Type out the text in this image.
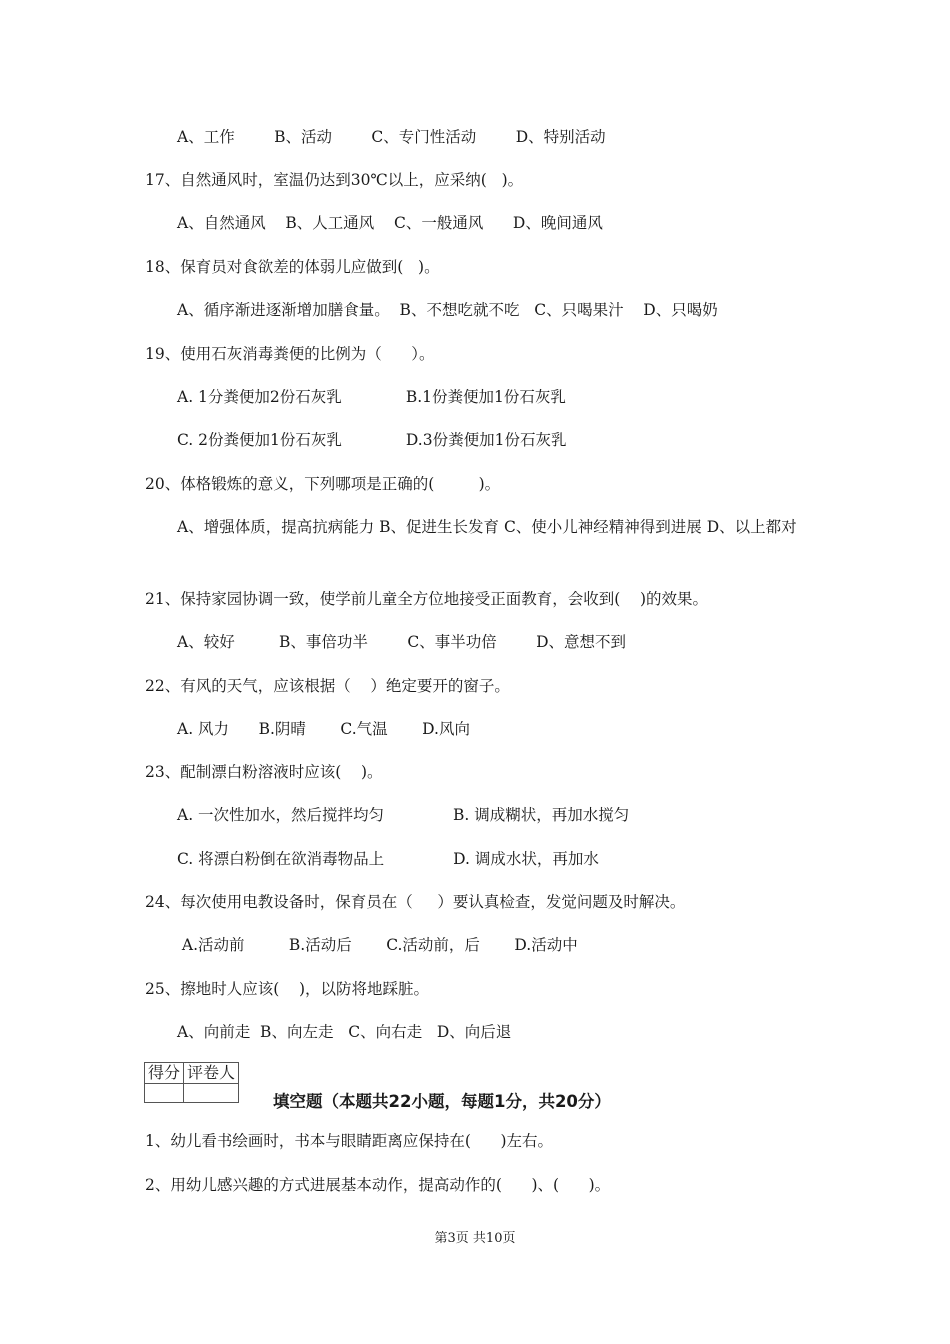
A、工作        B、活动        C、专门性活动        D、特别活动
17、自然通风时，室温仍达到30℃以上，应采纳(   )。
A、自然通风    B、人工通风    C、一般通风      D、晚间通风
18、保育员对食欲差的体弱儿应做到(   )。
A、循序渐进逐渐增加膳食量。  B、不想吃就不吃   C、只喝果汁    D、只喝奶
19、使用石灰消毒粪便的比例为（      ）。
A. 1分粪便加2份石灰乳             B.1份粪便加1份石灰乳
C. 2份粪便加1份石灰乳             D.3份粪便加1份石灰乳
20、体格锻炼的意义，下列哪项是正确的(         )。
A、增强体质，提高抗病能力 B、促进生长发育 C、使小儿神经精神得到进展 D、以上都对
21、保持家园协调一致，使学前儿童全方位地接受正面教育，会收到(    )的效果。
A、较好         B、事倍功半        C、事半功倍        D、意想不到
22、有风的天气，应该根据（    ）绝定要开的窗子。
A. 风力      B.阴晴       C.气温       D.风向
23、配制漂白粉溶液时应该(    )。
A. 一次性加水，然后搅拌均匀              B. 调成糊状，再加水搅匀
C. 将漂白粉倒在欲消毒物品上              D. 调成水状，再加水
24、每次使用电教设备时，保育员在（     ）要认真检查，发觉问题及时解决。
A.活动前         B.活动后       C.活动前，后       D.活动中
25、擦地时人应该(    )，以防将地踩脏。
A、向前走  B、向左走   C、向右走   D、向后退
得分	评卷人

填空题（本题共22小题，每题1分，共20分）
1、幼儿看书绘画时，书本与眼睛距离应保持在(      )左右。
2、用幼儿感兴趣的方式进展基本动作，提高动作的(      )、(      )。
第3页 共10页
